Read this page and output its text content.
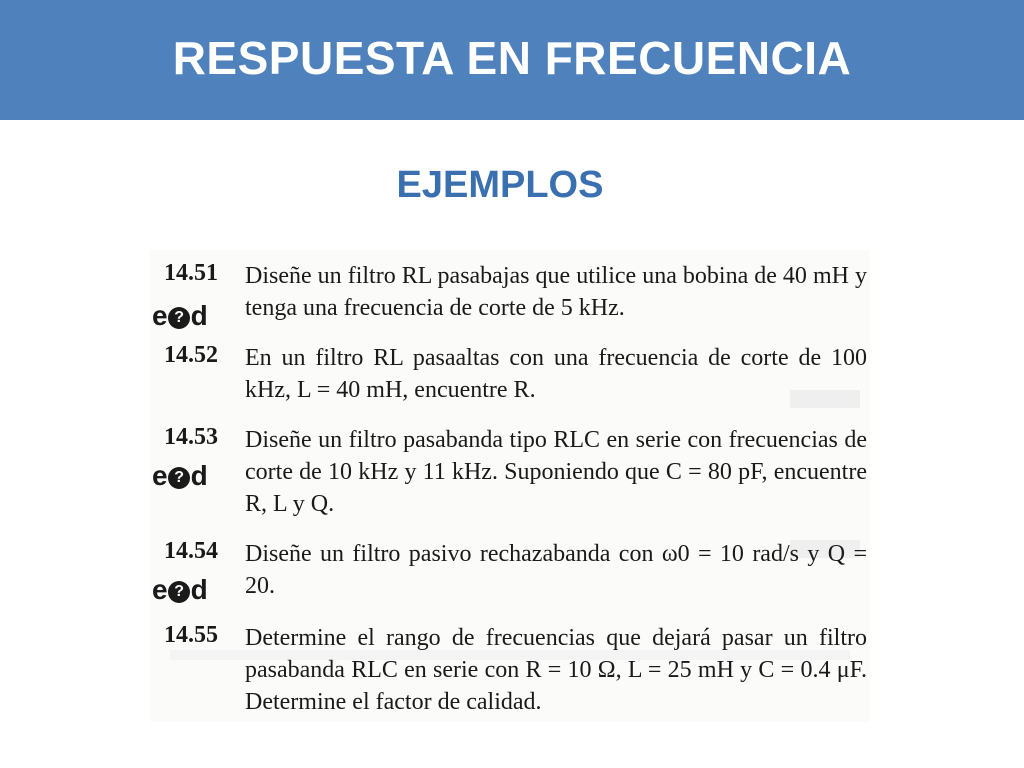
RESPUESTA EN FRECUENCIA
EJEMPLOS
14.51
e ? d
Diseñe un filtro RL pasabajas que utilice una bobina de 40 mH y tenga una frecuencia de corte de 5 kHz.
14.52 En un filtro RL pasaaltas con una frecuencia de corte de 100 kHz, L = 40 mH, encuentre R.
14.53
e ? d
Diseñe un filtro pasabanda tipo RLC en serie con frecuencias de corte de 10 kHz y 11 kHz. Suponiendo que C = 80 pF, encuentre R, L y Q.
14.54
e ? d
Diseñe un filtro pasivo rechazabanda con ω0 = 10 rad/s y Q = 20.
14.55 Determine el rango de frecuencias que dejará pasar un filtro pasabanda RLC en serie con R = 10 Ω, L = 25 mH y C = 0.4 μF. Determine el factor de calidad.
